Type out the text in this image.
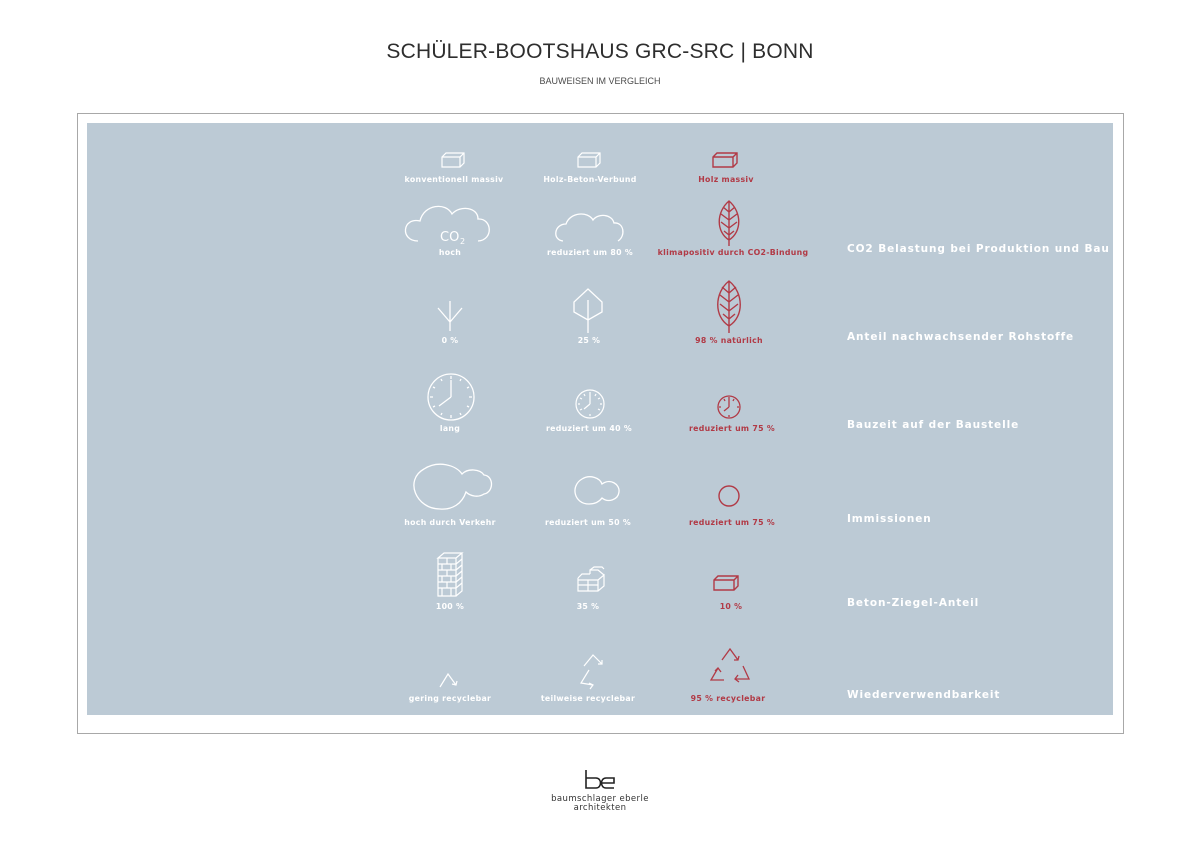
SCHÜLER-BOOTSHAUS GRC-SRC | BONN
BAUWEISEN IM VERGLEICH
konventionell massiv	Holz-Beton-Verbund	Holz massiv
CO 2
hoch	reduziert um 80 %	klimapositiv durch CO2-Bindung	CO2 Belastung bei Produktion und Bau
0 %	25 %	98 % natürlich	Anteil nachwachsender Rohstoffe
lang	reduziert um 40 %	reduziert um 75 %	Bauzeit auf der Baustelle
hoch durch Verkehr	reduziert um 50 %	reduziert um 75 %	Immissionen
100 %	35 %	10 %	Beton-Ziegel-Anteil
gering recyclebar	teilweise recyclebar	95 % recyclebar	Wiederverwendbarkeit
baumschlager eberle
architekten
